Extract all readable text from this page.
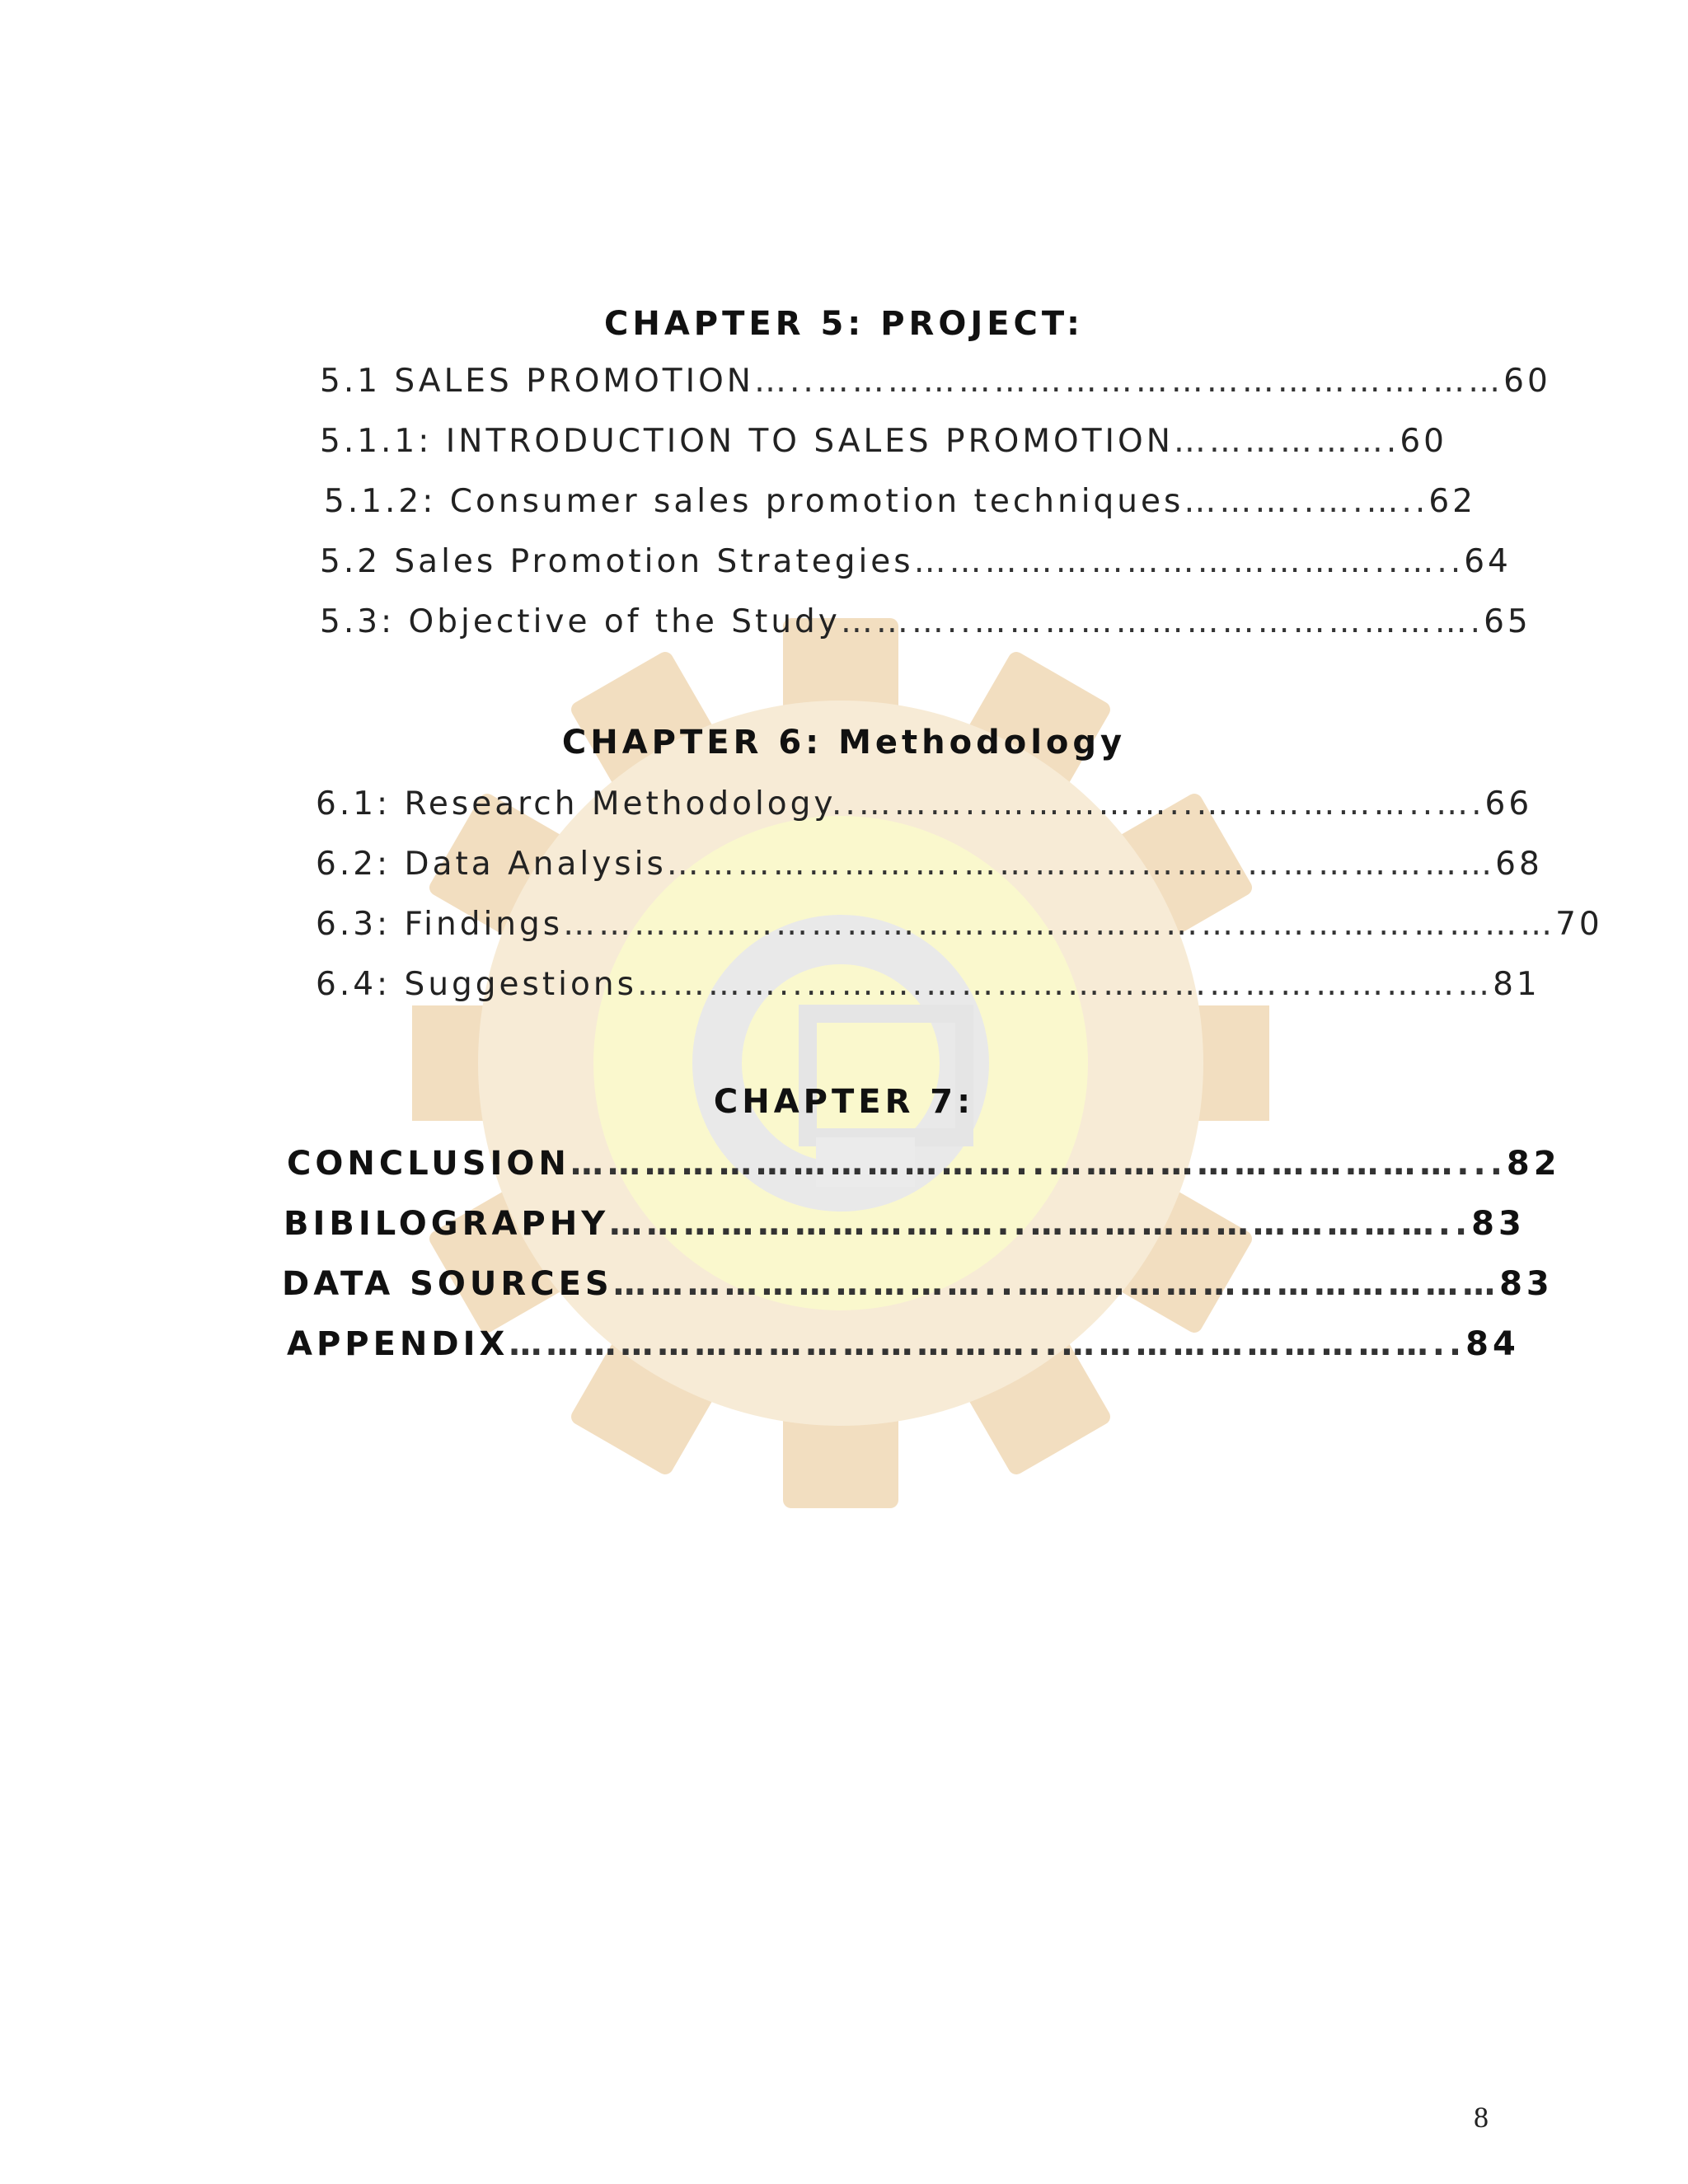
CHAPTER 5: PROJECT:
5.1 SALES PROMOTION…..…………………………………………….……60
5.1.1: INTRODUCTION TO SALES PROMOTION……………….60
5.1.2: Consumer sales promotion techniques………..….…..62
5.2 Sales Promotion Strategies…………………………………..…..64
5.3: Objective of the Study………..…………………………………….65
CHAPTER 6: Methodology
6.1: Research Methodology..………..……………..………………..….66
6.2: Data Analysis…………………….………………………………………68
6.3: Findings…………………………………………………………………………70
6.4: Suggestions…………..……….…………………………………………81
CHAPTER 7:
CONCLUSION………………………………..……………………………...82
BIBILOGRAPHY……………………….…..……………………………..83
DATA SOURCES…………………………..…………………………………83
APPENDIX……………………………………..…………………………..84
8
